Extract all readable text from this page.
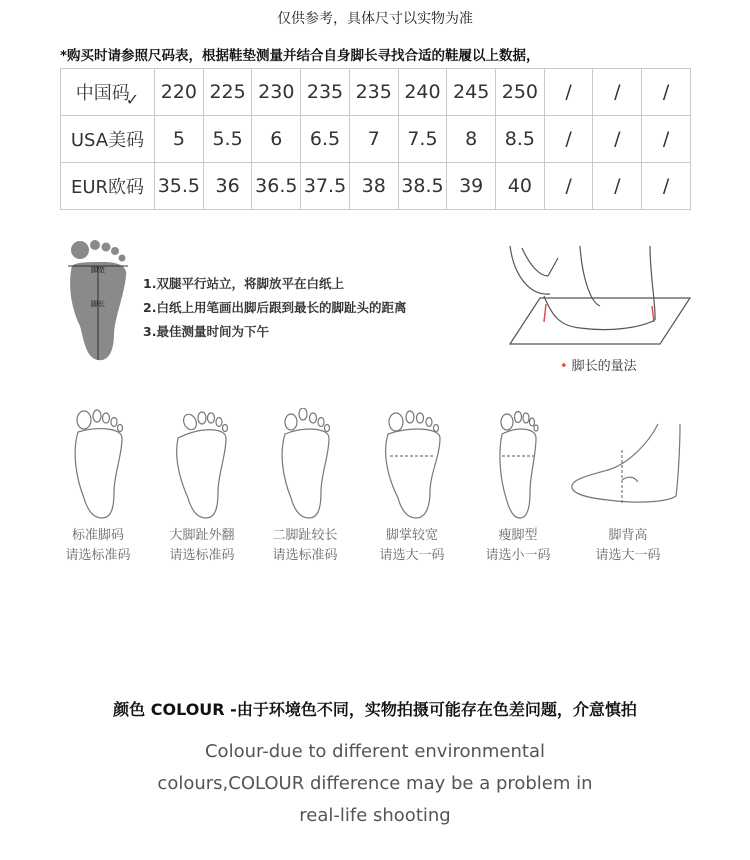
仅供参考，具体尺寸以实物为准
*购买时请参照尺码表，根据鞋垫测量并结合自身脚长寻找合适的鞋履以上数据，
中国码✓	220	225	230	235	235	240	245	250	/	/	/
USA美码	5	5.5	6	6.5	7	7.5	8	8.5	/	/	/
EUR欧码	35.5	36	36.5	37.5	38	38.5	39	40	/	/	/
脚宽
脚长
1.双腿平行站立，将脚放平在白纸上
2.白纸上用笔画出脚后跟到最长的脚趾头的距离
3.最佳测量时间为下午
• 脚长的量法
标准脚码
请选标准码
大脚趾外翻
请选标准码
二脚趾较长
请选标准码
脚掌较宽
请选大一码
瘦脚型
请选小一码
脚背高
请选大一码
颜色 COLOUR -由于环境色不同，实物拍摄可能存在色差问题，介意慎拍
Colour-due to different environmental
colours,COLOUR difference may be a problem in
real-life shooting
